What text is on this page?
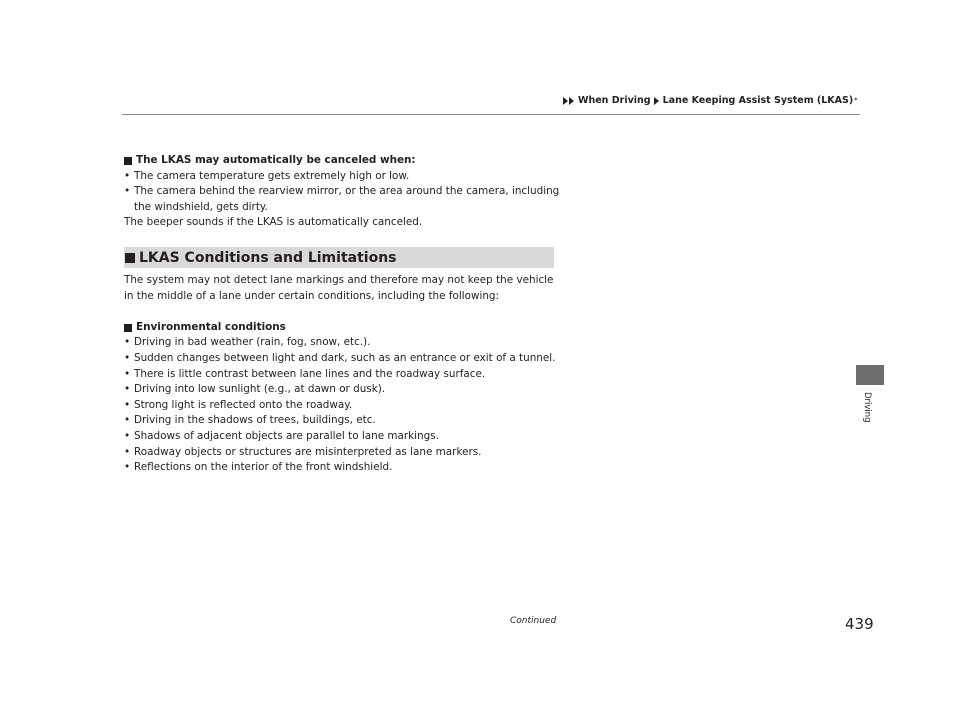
When Driving Lane Keeping Assist System (LKAS) *
The LKAS may automatically be canceled when:
• The camera temperature gets extremely high or low.
• The camera behind the rearview mirror, or the area around the camera, including the windshield, gets dirty.

The beeper sounds if the LKAS is automatically canceled.

LKAS Conditions and Limitations

The system may not detect lane markings and therefore may not keep the vehicle in the middle of a lane under certain conditions, including the following:

Environmental conditions
• Driving in bad weather (rain, fog, snow, etc.).
• Sudden changes between light and dark, such as an entrance or exit of a tunnel.
• There is little contrast between lane lines and the roadway surface.
• Driving into low sunlight (e.g., at dawn or dusk).
• Strong light is reflected onto the roadway.
• Driving in the shadows of trees, buildings, etc.
• Shadows of adjacent objects are parallel to lane markings.
• Roadway objects or structures are misinterpreted as lane markers.
• Reflections on the interior of the front windshield.
Driving
Continued	439
